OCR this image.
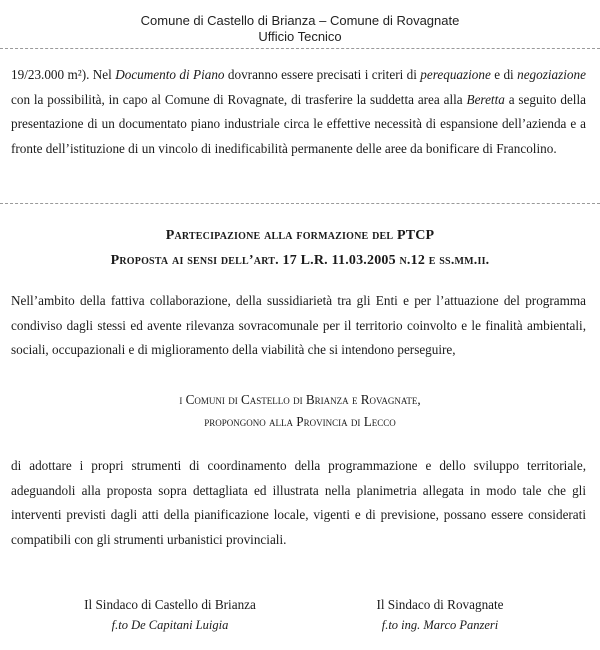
Comune di Castello di Brianza – Comune di Rovagnate
Ufficio Tecnico
19/23.000 m²). Nel Documento di Piano dovranno essere precisati i criteri di perequazione e di negoziazione
con la possibilità, in capo al Comune di Rovagnate, di trasferire la suddetta area alla Beretta a seguito della
presentazione di un documentato piano industriale circa le effettive necessità di espansione dell’azienda e a
fronte dell’istituzione di un vincolo di inedificabilità permanente delle aree da bonificare di Francolino.
Partecipazione alla formazione del PTCP
Proposta ai sensi dell’art. 17 L.R. 11.03.2005 n.12 e ss.mm.ii.
Nell’ambito della fattiva collaborazione, della sussidiarietà tra gli Enti e per l’attuazione del programma
condiviso dagli stessi ed avente rilevanza sovracomunale per il territorio coinvolto e le finalità ambientali,
sociali, occupazionali e di miglioramento della viabilità che si intendono perseguire,
i Comuni di Castello di Brianza e Rovagnate,
propongono alla Provincia di Lecco
di adottare i propri strumenti di coordinamento della programmazione e dello sviluppo territoriale,
adeguandoli alla proposta sopra dettagliata ed illustrata nella planimetria allegata in modo tale che gli
interventi previsti dagli atti della pianificazione locale, vigenti e di previsione, possano essere considerati
compatibili con gli strumenti urbanistici provinciali.
Il Sindaco di Castello di Brianza
f.to De Capitani Luigia
Il Sindaco di Rovagnate
f.to ing. Marco Panzeri
